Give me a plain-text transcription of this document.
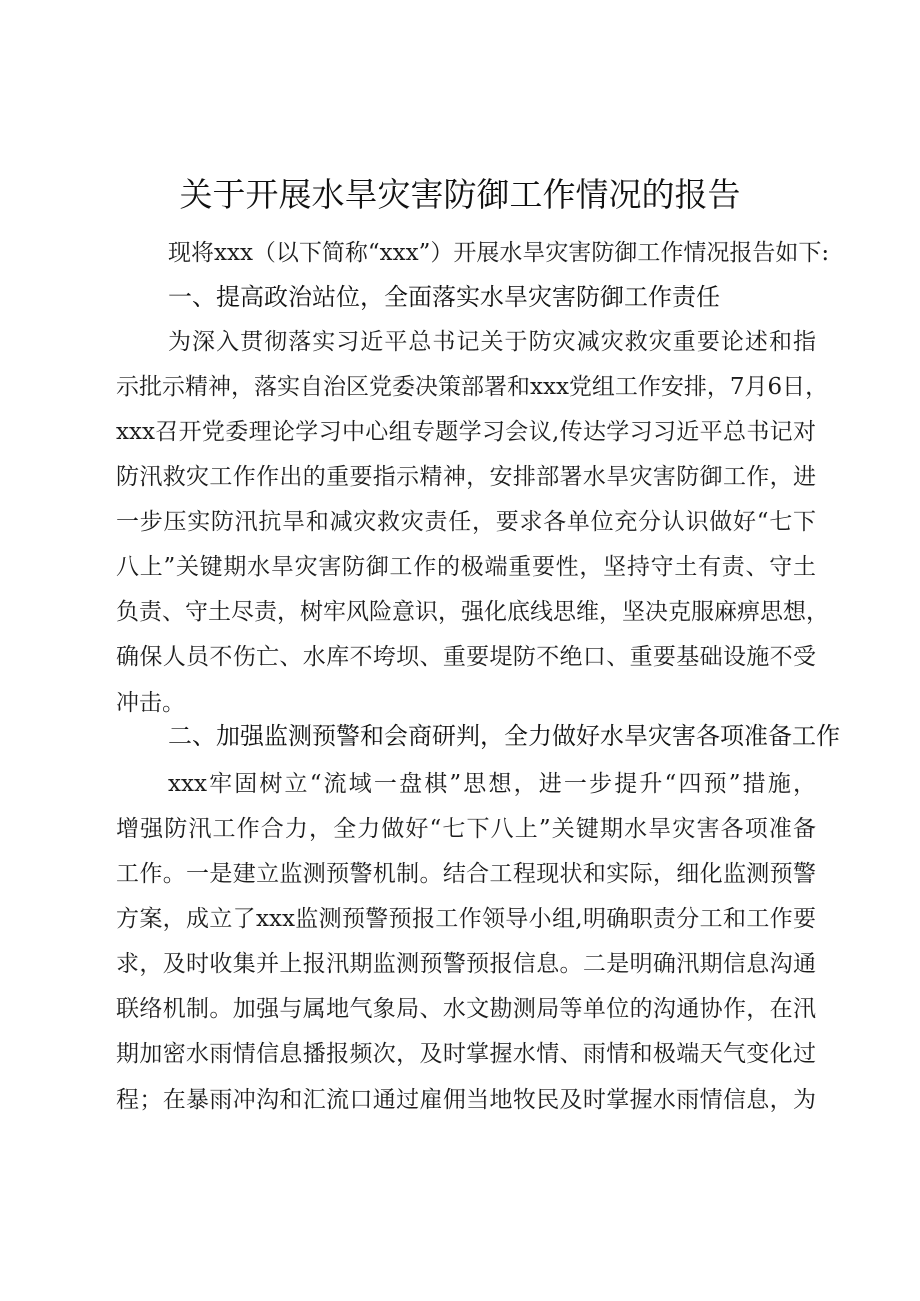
关于开展水旱灾害防御工作情况的报告
现将xxx（以下简称“xxx”）开展水旱灾害防御工作情况报告如下:
一、提高政治站位，全面落实水旱灾害防御工作责任
为深入贯彻落实习近平总书记关于防灾减灾救灾重要论述和指
示批示精神，落实自治区党委决策部署和xxx党组工作安排，7月6日，
xxx召开党委理论学习中心组专题学习会议,传达学习习近平总书记对
防汛救灾工作作出的重要指示精神，安排部署水旱灾害防御工作，进
一步压实防汛抗旱和减灾救灾责任，要求各单位充分认识做好“七下
八上”关键期水旱灾害防御工作的极端重要性，坚持守土有责、守土
负责、守土尽责，树牢风险意识，强化底线思维，坚决克服麻痹思想，
确保人员不伤亡、水库不垮坝、重要堤防不绝口、重要基础设施不受
冲击。
二、加强监测预警和会商研判，全力做好水旱灾害各项准备工作
xxx牢固树立“流域一盘棋”思想，进一步提升“四预”措施，
增强防汛工作合力，全力做好“七下八上”关键期水旱灾害各项准备
工作。一是建立监测预警机制。结合工程现状和实际，细化监测预警
方案，成立了xxx监测预警预报工作领导小组,明确职责分工和工作要
求，及时收集并上报汛期监测预警预报信息。二是明确汛期信息沟通
联络机制。加强与属地气象局、水文勘测局等单位的沟通协作，在汛
期加密水雨情信息播报频次，及时掌握水情、雨情和极端天气变化过
程；在暴雨冲沟和汇流口通过雇佣当地牧民及时掌握水雨情信息，为
